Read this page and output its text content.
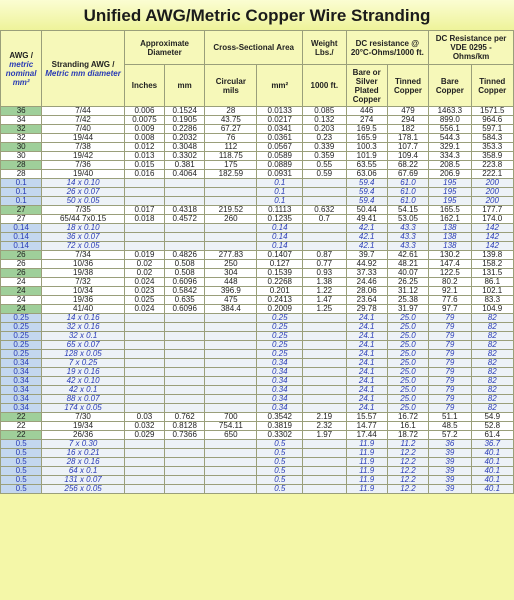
Unified AWG/Metric Copper Wire Stranding
AWG /
metric nominal mm²	Stranding AWG /
Metric mm diameter	Approximate Diameter		Cross-Sectional Area		Weight Lbs./	DC resistance @ 20°C-Ohms/1000 ft.		DC Resistance per VDE 0295 - Ohms/km	
		Inches	mm	Circular mils	mm²	1000 ft.	Bare or Silver Plated Copper	Tinned Copper	Bare Copper	Tinned Copper
36	7/44	0.006	0.1524	28	0.0133	0.085	446	479	1463.3	1571.5
34	7/42	0.0075	0.1905	43.75	0.0217	0.132	274	294	899.0	964.6
32	7/40	0.009	0.2286	67.27	0.0341	0.203	169.5	182	556.1	597.1
32	19/44	0.008	0.2032	76	0.0361	0.23	165.9	178.1	544.3	584.3
30	7/38	0.012	0.3048	112	0.0567	0.339	100.3	107.7	329.1	353.3
30	19/42	0.013	0.3302	118.75	0.0589	0.359	101.9	109.4	334.3	358.9
28	7/36	0.015	0.381	175	0.0889	0.55	63.55	68.22	208.5	223.8
28	19/40	0.016	0.4064	182.59	0.0931	0.59	63.06	67.69	206.9	222.1
0.1	14 x 0.10				0.1		59.4	61.0	195	200
0.1	26 x 0.07				0.1		59.4	61.0	195	200
0.1	50 x 0.05				0.1		59.4	61.0	195	200
27	7/35	0.017	0.4318	219.52	0.1113	0.632	50.44	54.15	165.5	177.7
27	65/44 7x0.15	0.018	0.4572	260	0.1235	0.7	49.41	53.05	162.1	174.0
0.14	18 x 0.10				0.14		42.1	43.3	138	142
0.14	36 x 0.07				0.14		42.1	43.3	138	142
0.14	72 x 0.05				0.14		42.1	43.3	138	142
26	7/34	0.019	0.4826	277.83	0.1407	0.87	39.7	42.61	130.2	139.8
26	10/36	0.02	0.508	250	0.127	0.77	44.92	48.21	147.4	158.2
26	19/38	0.02	0.508	304	0.1539	0.93	37.33	40.07	122.5	131.5
24	7/32	0.024	0.6096	448	0.2268	1.38	24.46	26.25	80.2	86.1
24	10/34	0.023	0.5842	396.9	0.201	1.22	28.06	31.12	92.1	102.1
24	19/36	0.025	0.635	475	0.2413	1.47	23.64	25.38	77.6	83.3
24	41/40	0.024	0.6096	384.4	0.2009	1.25	29.78	31.97	97.7	104.9
0.25	14 x 0.16				0.25		24.1	25.0	79	82
0.25	32 x 0.16				0.25		24.1	25.0	79	82
0.25	32 x 0.1				0.25		24.1	25.0	79	82
0.25	65 x 0.07				0.25		24.1	25.0	79	82
0.25	128 x 0.05				0.25		24.1	25.0	79	82
0.34	7 x 0.25				0.34		24.1	25.0	79	82
0.34	19 x 0.16				0.34		24.1	25.0	79	82
0.34	42 x 0.10				0.34		24.1	25.0	79	82
0.34	42 x 0.1				0.34		24.1	25.0	79	82
0.34	88 x 0.07				0.34		24.1	25.0	79	82
0.34	174 x 0.05				0.34		24.1	25.0	79	82
22	7/30	0.03	0.762	700	0.3542	2.19	15.57	16.72	51.1	54.9
22	19/34	0.032	0.8128	754.11	0.3819	2.32	14.77	16.1	48.5	52.8
22	26/36	0.029	0.7366	650	0.3302	1.97	17.44	18.72	57.2	61.4
0.5	7 x 0.30				0.5		11.9	11.2	36	36.7
0.5	16 x 0.21				0.5		11.9	12.2	39	40.1
0.5	28 x 0.16				0.5		11.9	12.2	39	40.1
0.5	64 x 0.1				0.5		11.9	12.2	39	40.1
0.5	131 x 0.07				0.5		11.9	12.2	39	40.1
0.5	256 x 0.05				0.5		11.9	12.2	39	40.1
